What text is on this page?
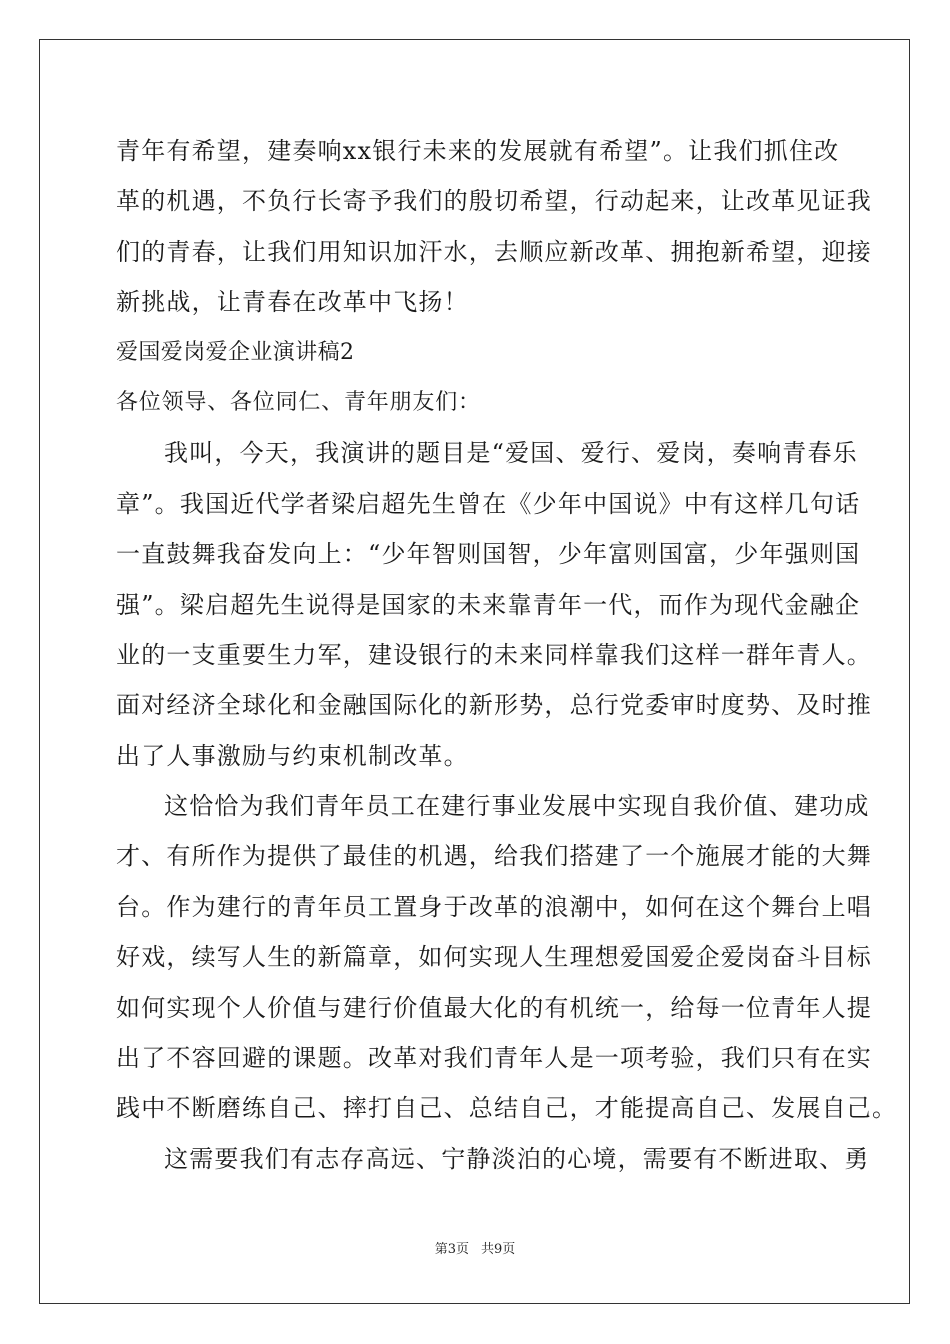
青年有希望，建奏响xx银行未来的发展就有希望”。让我们抓住改
革的机遇，不负行长寄予我们的殷切希望，行动起来，让改革见证我
们的青春，让我们用知识加汗水，去顺应新改革、拥抱新希望，迎接
新挑战，让青春在改革中飞扬！
爱国爱岗爱企业演讲稿2
各位领导、各位同仁、青年朋友们：
我叫，今天，我演讲的题目是“爱国、爱行、爱岗，奏响青春乐
章”。我国近代学者梁启超先生曾在《少年中国说》中有这样几句话
一直鼓舞我奋发向上：“少年智则国智，少年富则国富，少年强则国
强”。梁启超先生说得是国家的未来靠青年一代，而作为现代金融企
业的一支重要生力军，建设银行的未来同样靠我们这样一群年青人。
面对经济全球化和金融国际化的新形势，总行党委审时度势、及时推
出了人事激励与约束机制改革。
这恰恰为我们青年员工在建行事业发展中实现自我价值、建功成
才、有所作为提供了最佳的机遇，给我们搭建了一个施展才能的大舞
台。作为建行的青年员工置身于改革的浪潮中，如何在这个舞台上唱
好戏，续写人生的新篇章，如何实现人生理想爱国爱企爱岗奋斗目标
如何实现个人价值与建行价值最大化的有机统一，给每一位青年人提
出了不容回避的课题。改革对我们青年人是一项考验，我们只有在实
践中不断磨练自己、摔打自己、总结自己，才能提高自己、发展自己。
这需要我们有志存高远、宁静淡泊的心境，需要有不断进取、勇
第3页 共9页
